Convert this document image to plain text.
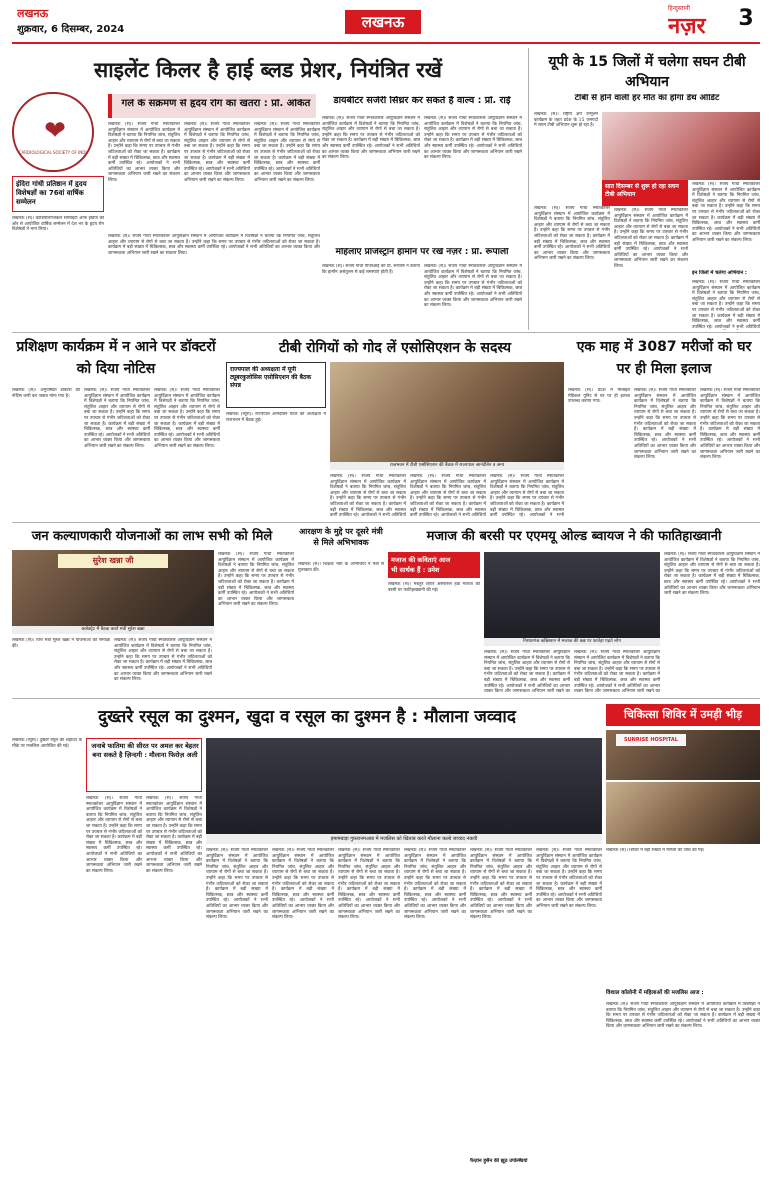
लखनऊ
शुक्रवार, 6 दिसम्बर, 2024	लखनऊ
हिन्दुस्तानी
नज़र	3
साइलेंट किलर है हाई ब्लड प्रेशर, नियंत्रित रखें
❤
CARDIOLOGICAL SOCIETY OF INDIA
इंदिरा गांधी प्रतिष्ठान में हृदय विशेषज्ञों का 76वां वार्षिक सम्मेलन
गले के संक्रमण से हृदय रोग का खतरा : प्रो. अंकित	डायबीटर सर्जरी सिंथ्रर कर सकते हैं वाल्व : प्रो. राई
लखनऊ (स)। कार्डियोलॉजिकल सोसाइटी ऑफ इंडिया की ओर से आयोजित वार्षिक सम्मेलन में देश भर के हृदय रोग विशेषज्ञों ने भाग लिया।
लखनऊ (स)। संजय गांधी स्नातकोत्तर आयुर्विज्ञान संस्थान में आयोजित कार्यक्रम में विशेषज्ञों ने बताया कि नियमित जांच, संतुलित आहार और व्यायाम से रोगों से बचा जा सकता है। उन्होंने कहा कि समय पर उपचार से गंभीर जटिलताओं को रोका जा सकता है। कार्यक्रम में बड़ी संख्या में चिकित्सक, छात्र और स्वास्थ्य कर्मी उपस्थित रहे। आयोजकों ने सभी अतिथियों का आभार व्यक्त किया और जागरूकता अभियान जारी रखने का संकल्प लिया।
लखनऊ (स)। संजय गांधी स्नातकोत्तर आयुर्विज्ञान संस्थान में आयोजित कार्यक्रम में विशेषज्ञों ने बताया कि नियमित जांच, संतुलित आहार और व्यायाम से रोगों से बचा जा सकता है। उन्होंने कहा कि समय पर उपचार से गंभीर जटिलताओं को रोका जा सकता है। कार्यक्रम में बड़ी संख्या में चिकित्सक, छात्र और स्वास्थ्य कर्मी उपस्थित रहे। आयोजकों ने सभी अतिथियों का आभार व्यक्त किया और जागरूकता अभियान जारी रखने का संकल्प लिया।
लखनऊ (स)। संजय गांधी स्नातकोत्तर आयुर्विज्ञान संस्थान में आयोजित कार्यक्रम में विशेषज्ञों ने बताया कि नियमित जांच, संतुलित आहार और व्यायाम से रोगों से बचा जा सकता है। उन्होंने कहा कि समय पर उपचार से गंभीर जटिलताओं को रोका जा सकता है। कार्यक्रम में बड़ी संख्या में चिकित्सक, छात्र और स्वास्थ्य कर्मी उपस्थित रहे। आयोजकों ने सभी अतिथियों का आभार व्यक्त किया और जागरूकता अभियान जारी रखने का संकल्प लिया।
लखनऊ (स)। संजय गांधी स्नातकोत्तर आयुर्विज्ञान संस्थान में आयोजित कार्यक्रम में विशेषज्ञों ने बताया कि नियमित जांच, संतुलित आहार और व्यायाम से रोगों से बचा जा सकता है। उन्होंने कहा कि समय पर उपचार से गंभीर जटिलताओं को रोका जा सकता है। कार्यक्रम में बड़ी संख्या में चिकित्सक, छात्र और स्वास्थ्य कर्मी उपस्थित रहे। आयोजकों ने सभी अतिथियों का आभार व्यक्त किया और जागरूकता अभियान जारी रखने का संकल्प लिया।
लखनऊ (स)। संजय गांधी स्नातकोत्तर आयुर्विज्ञान संस्थान में आयोजित कार्यक्रम में विशेषज्ञों ने बताया कि नियमित जांच, संतुलित आहार और व्यायाम से रोगों से बचा जा सकता है। उन्होंने कहा कि समय पर उपचार से गंभीर जटिलताओं को रोका जा सकता है। कार्यक्रम में बड़ी संख्या में चिकित्सक, छात्र और स्वास्थ्य कर्मी उपस्थित रहे। आयोजकों ने सभी अतिथियों का आभार व्यक्त किया और जागरूकता अभियान जारी रखने का संकल्प लिया।
लखनऊ (स)। संजय गांधी स्नातकोत्तर आयुर्विज्ञान संस्थान में आयोजित कार्यक्रम में विशेषज्ञों ने बताया कि नियमित जांच, संतुलित आहार और व्यायाम से रोगों से बचा जा सकता है। उन्होंने कहा कि समय पर उपचार से गंभीर जटिलताओं को रोका जा सकता है। कार्यक्रम में बड़ी संख्या में चिकित्सक, छात्र और स्वास्थ्य कर्मी उपस्थित रहे। आयोजकों ने सभी अतिथियों का आभार व्यक्त किया और जागरूकता अभियान जारी रखने का संकल्प लिया।	महिलाएं प्रोजेस्ट्रॉन हार्मोन पर रखें नज़र : प्रो. रूपाली
लखनऊ (स)। संजय गांधी पीजीआई की प्रो. रूपाली ने बताया कि हार्मोन असंतुलन से कई समस्याएं होती हैं।
लखनऊ (स)। संजय गांधी स्नातकोत्तर आयुर्विज्ञान संस्थान में आयोजित कार्यक्रम में विशेषज्ञों ने बताया कि नियमित जांच, संतुलित आहार और व्यायाम से रोगों से बचा जा सकता है। उन्होंने कहा कि समय पर उपचार से गंभीर जटिलताओं को रोका जा सकता है। कार्यक्रम में बड़ी संख्या में चिकित्सक, छात्र और स्वास्थ्य कर्मी उपस्थित रहे। आयोजकों ने सभी अतिथियों का आभार व्यक्त किया और जागरूकता अभियान जारी रखने का संकल्प लिया।
यूपी के 15 जिलों में चलेगा सघन टीबी अभियान
टीबी से होने वाली हर मौत का होगा डेथ ऑडिट
लखनऊ (स)। राष्ट्रीय क्षय उन्मूलन कार्यक्रम के तहत प्रदेश के 15 जनपदों में सघन टीबी अभियान शुरू हो रहा है।
सात दिसम्बर से शुरू हो रहा सघन टीबी अभियान
लखनऊ (स)। संजय गांधी स्नातकोत्तर आयुर्विज्ञान संस्थान में आयोजित कार्यक्रम में विशेषज्ञों ने बताया कि नियमित जांच, संतुलित आहार और व्यायाम से रोगों से बचा जा सकता है। उन्होंने कहा कि समय पर उपचार से गंभीर जटिलताओं को रोका जा सकता है। कार्यक्रम में बड़ी संख्या में चिकित्सक, छात्र और स्वास्थ्य कर्मी उपस्थित रहे। आयोजकों ने सभी अतिथियों का आभार व्यक्त किया और जागरूकता अभियान जारी रखने का संकल्प लिया।
लखनऊ (स)। संजय गांधी स्नातकोत्तर आयुर्विज्ञान संस्थान में आयोजित कार्यक्रम में विशेषज्ञों ने बताया कि नियमित जांच, संतुलित आहार और व्यायाम से रोगों से बचा जा सकता है। उन्होंने कहा कि समय पर उपचार से गंभीर जटिलताओं को रोका जा सकता है। कार्यक्रम में बड़ी संख्या में चिकित्सक, छात्र और स्वास्थ्य कर्मी उपस्थित रहे। आयोजकों ने सभी अतिथियों का आभार व्यक्त किया और जागरूकता अभियान जारी रखने का संकल्प लिया।
लखनऊ (स)। संजय गांधी स्नातकोत्तर आयुर्विज्ञान संस्थान में आयोजित कार्यक्रम में विशेषज्ञों ने बताया कि नियमित जांच, संतुलित आहार और व्यायाम से रोगों से बचा जा सकता है। उन्होंने कहा कि समय पर उपचार से गंभीर जटिलताओं को रोका जा सकता है। कार्यक्रम में बड़ी संख्या में चिकित्सक, छात्र और स्वास्थ्य कर्मी उपस्थित रहे। आयोजकों ने सभी अतिथियों का आभार व्यक्त किया और जागरूकता अभियान जारी रखने का संकल्प लिया।
इन जिलों में चलेगा अभियान :
लखनऊ (स)। संजय गांधी स्नातकोत्तर आयुर्विज्ञान संस्थान में आयोजित कार्यक्रम में विशेषज्ञों ने बताया कि नियमित जांच, संतुलित आहार और व्यायाम से रोगों से बचा जा सकता है। उन्होंने कहा कि समय पर उपचार से गंभीर जटिलताओं को रोका जा सकता है। कार्यक्रम में बड़ी संख्या में चिकित्सक, छात्र और स्वास्थ्य कर्मी उपस्थित रहे। आयोजकों ने सभी अतिथियों
प्रशिक्षण कार्यक्रम में न आने पर डॉक्टरों को दिया नोटिस
लखनऊ (स)। अनुपस्थित डॉक्टरों को नोटिस जारी कर जवाब मांगा गया है।
लखनऊ (स)। संजय गांधी स्नातकोत्तर आयुर्विज्ञान संस्थान में आयोजित कार्यक्रम में विशेषज्ञों ने बताया कि नियमित जांच, संतुलित आहार और व्यायाम से रोगों से बचा जा सकता है। उन्होंने कहा कि समय पर उपचार से गंभीर जटिलताओं को रोका जा सकता है। कार्यक्रम में बड़ी संख्या में चिकित्सक, छात्र और स्वास्थ्य कर्मी उपस्थित रहे। आयोजकों ने सभी अतिथियों का आभार व्यक्त किया और जागरूकता अभियान जारी रखने का संकल्प लिया।
लखनऊ (स)। संजय गांधी स्नातकोत्तर आयुर्विज्ञान संस्थान में आयोजित कार्यक्रम में विशेषज्ञों ने बताया कि नियमित जांच, संतुलित आहार और व्यायाम से रोगों से बचा जा सकता है। उन्होंने कहा कि समय पर उपचार से गंभीर जटिलताओं को रोका जा सकता है। कार्यक्रम में बड़ी संख्या में चिकित्सक, छात्र और स्वास्थ्य कर्मी उपस्थित रहे। आयोजकों ने सभी अतिथियों का आभार व्यक्त किया और जागरूकता अभियान जारी रखने का संकल्प लिया।
टीबी रोगियों को गोद लें एसोसिएशन के सदस्य
राज्यपाल की अध्यक्षता में यूपी ट्यूबरकुलोसिस एसोसिएशन की बैठक संपन्न
राजभवन में टीबी एसोसिएशन की बैठक में राज्यपाल आनंदीबेन व अन्य
लखनऊ (ब्यूरो)। राज्यपाल आनंदीबेन पटेल की अध्यक्षता में राजभवन में बैठक हुई।
लखनऊ (स)। संजय गांधी स्नातकोत्तर आयुर्विज्ञान संस्थान में आयोजित कार्यक्रम में विशेषज्ञों ने बताया कि नियमित जांच, संतुलित आहार और व्यायाम से रोगों से बचा जा सकता है। उन्होंने कहा कि समय पर उपचार से गंभीर जटिलताओं को रोका जा सकता है। कार्यक्रम में बड़ी संख्या में चिकित्सक, छात्र और स्वास्थ्य कर्मी उपस्थित रहे। आयोजकों ने सभी अतिथियों
लखनऊ (स)। संजय गांधी स्नातकोत्तर आयुर्विज्ञान संस्थान में आयोजित कार्यक्रम में विशेषज्ञों ने बताया कि नियमित जांच, संतुलित आहार और व्यायाम से रोगों से बचा जा सकता है। उन्होंने कहा कि समय पर उपचार से गंभीर जटिलताओं को रोका जा सकता है। कार्यक्रम में बड़ी संख्या में चिकित्सक, छात्र और स्वास्थ्य कर्मी उपस्थित रहे। आयोजकों ने सभी अतिथियों
लखनऊ (स)। संजय गांधी स्नातकोत्तर आयुर्विज्ञान संस्थान में आयोजित कार्यक्रम में विशेषज्ञों ने बताया कि नियमित जांच, संतुलित आहार और व्यायाम से रोगों से बचा जा सकता है। उन्होंने कहा कि समय पर उपचार से गंभीर जटिलताओं को रोका जा सकता है। कार्यक्रम में बड़ी संख्या में चिकित्सक, छात्र और स्वास्थ्य कर्मी उपस्थित रहे। आयोजकों ने सभी
एक माह में 3087 मरीजों को घर पर ही मिला इलाज
लखनऊ (स)। प्रदेश में मोबाइल मेडिकल यूनिट से घर पर ही इलाज उपलब्ध कराया गया।
लखनऊ (स)। संजय गांधी स्नातकोत्तर आयुर्विज्ञान संस्थान में आयोजित कार्यक्रम में विशेषज्ञों ने बताया कि नियमित जांच, संतुलित आहार और व्यायाम से रोगों से बचा जा सकता है। उन्होंने कहा कि समय पर उपचार से गंभीर जटिलताओं को रोका जा सकता है। कार्यक्रम में बड़ी संख्या में चिकित्सक, छात्र और स्वास्थ्य कर्मी उपस्थित रहे। आयोजकों ने सभी अतिथियों का आभार व्यक्त किया और जागरूकता अभियान जारी रखने का संकल्प लिया।
लखनऊ (स)। संजय गांधी स्नातकोत्तर आयुर्विज्ञान संस्थान में आयोजित कार्यक्रम में विशेषज्ञों ने बताया कि नियमित जांच, संतुलित आहार और व्यायाम से रोगों से बचा जा सकता है। उन्होंने कहा कि समय पर उपचार से गंभीर जटिलताओं को रोका जा सकता है। कार्यक्रम में बड़ी संख्या में चिकित्सक, छात्र और स्वास्थ्य कर्मी उपस्थित रहे। आयोजकों ने सभी अतिथियों का आभार व्यक्त किया और जागरूकता अभियान जारी रखने का संकल्प लिया।
जन कल्याणकारी योजनाओं का लाभ सभी को मिले
सुरेश खन्ना जी
कलेक्ट्रेट में बैठक करते मंत्री सुरेश खन्ना
लखनऊ (स)। वित्त मंत्री सुरेश खन्ना ने योजनाओं की समीक्षा की।
लखनऊ (स)। संजय गांधी स्नातकोत्तर आयुर्विज्ञान संस्थान में आयोजित कार्यक्रम में विशेषज्ञों ने बताया कि नियमित जांच, संतुलित आहार और व्यायाम से रोगों से बचा जा सकता है। उन्होंने कहा कि समय पर उपचार से गंभीर जटिलताओं को रोका जा सकता है। कार्यक्रम में बड़ी संख्या में चिकित्सक, छात्र और स्वास्थ्य कर्मी उपस्थित रहे। आयोजकों ने सभी अतिथियों का आभार व्यक्त किया और जागरूकता अभियान जारी रखने का संकल्प लिया।
लखनऊ (स)। संजय गांधी स्नातकोत्तर आयुर्विज्ञान संस्थान में आयोजित कार्यक्रम में विशेषज्ञों ने बताया कि नियमित जांच, संतुलित आहार और व्यायाम से रोगों से बचा जा सकता है। उन्होंने कहा कि समय पर उपचार से गंभीर जटिलताओं को रोका जा सकता है। कार्यक्रम में बड़ी संख्या में चिकित्सक, छात्र और स्वास्थ्य कर्मी उपस्थित रहे। आयोजकों ने सभी अतिथियों का आभार व्यक्त किया और जागरूकता अभियान जारी रखने का संकल्प लिया।
आरक्षण के मुद्दे पर दूसरे मंत्री से मिले अभिभावक
लखनऊ (स)। शिक्षक भर्ती के अभ्यर्थियों ने मंत्री से मुलाकात की।
मजाज की बरसी पर एएमयू ओल्ड ब्वायज ने की फातिहाख्वानी
मजाज की कविताएं आज
भी सार्थक हैं : उमेश
लखनऊ (स)। मशहूर शायर असरारुल हक मजाज की बरसी पर फातिहाख्वानी की गई।
निशातगंज कब्रिस्तान में मजाज की कब्र पर फातेहा पढ़ते लोग
लखनऊ (स)। संजय गांधी स्नातकोत्तर आयुर्विज्ञान संस्थान में आयोजित कार्यक्रम में विशेषज्ञों ने बताया कि नियमित जांच, संतुलित आहार और व्यायाम से रोगों से बचा जा सकता है। उन्होंने कहा कि समय पर उपचार से गंभीर जटिलताओं को रोका जा सकता है। कार्यक्रम में बड़ी संख्या में चिकित्सक, छात्र और स्वास्थ्य कर्मी उपस्थित रहे। आयोजकों ने सभी अतिथियों का आभार व्यक्त किया और जागरूकता अभियान जारी रखने का
लखनऊ (स)। संजय गांधी स्नातकोत्तर आयुर्विज्ञान संस्थान में आयोजित कार्यक्रम में विशेषज्ञों ने बताया कि नियमित जांच, संतुलित आहार और व्यायाम से रोगों से बचा जा सकता है। उन्होंने कहा कि समय पर उपचार से गंभीर जटिलताओं को रोका जा सकता है। कार्यक्रम में बड़ी संख्या में चिकित्सक, छात्र और स्वास्थ्य कर्मी उपस्थित रहे। आयोजकों ने सभी अतिथियों का आभार व्यक्त किया और जागरूकता अभियान जारी रखने का
लखनऊ (स)। संजय गांधी स्नातकोत्तर आयुर्विज्ञान संस्थान में आयोजित कार्यक्रम में विशेषज्ञों ने बताया कि नियमित जांच, संतुलित आहार और व्यायाम से रोगों से बचा जा सकता है। उन्होंने कहा कि समय पर उपचार से गंभीर जटिलताओं को रोका जा सकता है। कार्यक्रम में बड़ी संख्या में चिकित्सक, छात्र और स्वास्थ्य कर्मी उपस्थित रहे। आयोजकों ने सभी अतिथियों का आभार व्यक्त किया और जागरूकता अभियान जारी रखने का संकल्प लिया।
दुख्तरे रसूल का दुश्मन, खुदा व रसूल का दुश्मन है : मौलाना जव्वाद
लखनऊ (ब्यूरो)। दुख्तरे रसूल की शहादत के मौके पर मजलिस आयोजित की गई।	जनाबे फातिमा की सीरत पर अमल कर बेहतर बना सकते है ज़िन्दगी : मौलाना फिरोज़ अली
लखनऊ (स)। संजय गांधी स्नातकोत्तर आयुर्विज्ञान संस्थान में आयोजित कार्यक्रम में विशेषज्ञों ने बताया कि नियमित जांच, संतुलित आहार और व्यायाम से रोगों से बचा जा सकता है। उन्होंने कहा कि समय पर उपचार से गंभीर जटिलताओं को रोका जा सकता है। कार्यक्रम में बड़ी संख्या में चिकित्सक, छात्र और स्वास्थ्य कर्मी उपस्थित रहे। आयोजकों ने सभी अतिथियों का आभार व्यक्त किया और जागरूकता अभियान जारी रखने का संकल्प लिया।
लखनऊ (स)। संजय गांधी स्नातकोत्तर आयुर्विज्ञान संस्थान में आयोजित कार्यक्रम में विशेषज्ञों ने बताया कि नियमित जांच, संतुलित आहार और व्यायाम से रोगों से बचा जा सकता है। उन्होंने कहा कि समय पर उपचार से गंभीर जटिलताओं को रोका जा सकता है। कार्यक्रम में बड़ी संख्या में चिकित्सक, छात्र और स्वास्थ्य कर्मी उपस्थित रहे। आयोजकों ने सभी अतिथियों का आभार व्यक्त किया और जागरूकता अभियान जारी रखने का संकल्प लिया।
इमामबाड़ा गुफ़रानमआब में मजलिस को खिताब करते मौलाना कल्बे जव्वाद नकवी
लखनऊ (स)। संजय गांधी स्नातकोत्तर आयुर्विज्ञान संस्थान में आयोजित कार्यक्रम में विशेषज्ञों ने बताया कि नियमित जांच, संतुलित आहार और व्यायाम से रोगों से बचा जा सकता है। उन्होंने कहा कि समय पर उपचार से गंभीर जटिलताओं को रोका जा सकता है। कार्यक्रम में बड़ी संख्या में चिकित्सक, छात्र और स्वास्थ्य कर्मी उपस्थित रहे। आयोजकों ने सभी अतिथियों का आभार व्यक्त किया और जागरूकता अभियान जारी रखने का संकल्प लिया।
लखनऊ (स)। संजय गांधी स्नातकोत्तर आयुर्विज्ञान संस्थान में आयोजित कार्यक्रम में विशेषज्ञों ने बताया कि नियमित जांच, संतुलित आहार और व्यायाम से रोगों से बचा जा सकता है। उन्होंने कहा कि समय पर उपचार से गंभीर जटिलताओं को रोका जा सकता है। कार्यक्रम में बड़ी संख्या में चिकित्सक, छात्र और स्वास्थ्य कर्मी उपस्थित रहे। आयोजकों ने सभी अतिथियों का आभार व्यक्त किया और जागरूकता अभियान जारी रखने का संकल्प लिया।
लखनऊ (स)। संजय गांधी स्नातकोत्तर आयुर्विज्ञान संस्थान में आयोजित कार्यक्रम में विशेषज्ञों ने बताया कि नियमित जांच, संतुलित आहार और व्यायाम से रोगों से बचा जा सकता है। उन्होंने कहा कि समय पर उपचार से गंभीर जटिलताओं को रोका जा सकता है। कार्यक्रम में बड़ी संख्या में चिकित्सक, छात्र और स्वास्थ्य कर्मी उपस्थित रहे। आयोजकों ने सभी अतिथियों का आभार व्यक्त किया और जागरूकता अभियान जारी रखने का संकल्प लिया।
लखनऊ (स)। संजय गांधी स्नातकोत्तर आयुर्विज्ञान संस्थान में आयोजित कार्यक्रम में विशेषज्ञों ने बताया कि नियमित जांच, संतुलित आहार और व्यायाम से रोगों से बचा जा सकता है। उन्होंने कहा कि समय पर उपचार से गंभीर जटिलताओं को रोका जा सकता है। कार्यक्रम में बड़ी संख्या में चिकित्सक, छात्र और स्वास्थ्य कर्मी उपस्थित रहे। आयोजकों ने सभी अतिथियों का आभार व्यक्त किया और जागरूकता अभियान जारी रखने का संकल्प लिया।
लखनऊ (स)। संजय गांधी स्नातकोत्तर आयुर्विज्ञान संस्थान में आयोजित कार्यक्रम में विशेषज्ञों ने बताया कि नियमित जांच, संतुलित आहार और व्यायाम से रोगों से बचा जा सकता है। उन्होंने कहा कि समय पर उपचार से गंभीर जटिलताओं को रोका जा सकता है। कार्यक्रम में बड़ी संख्या में चिकित्सक, छात्र और स्वास्थ्य कर्मी उपस्थित रहे। आयोजकों ने सभी अतिथियों का आभार व्यक्त किया और जागरूकता अभियान जारी रखने का संकल्प लिया।
लखनऊ (स)। संजय गांधी स्नातकोत्तर आयुर्विज्ञान संस्थान में आयोजित कार्यक्रम में विशेषज्ञों ने बताया कि नियमित जांच, संतुलित आहार और व्यायाम से रोगों से बचा जा सकता है। उन्होंने कहा कि समय पर उपचार से गंभीर जटिलताओं को रोका जा सकता है। कार्यक्रम में बड़ी संख्या में चिकित्सक, छात्र और स्वास्थ्य कर्मी उपस्थित रहे। आयोजकों ने सभी अतिथियों का आभार व्यक्त किया और जागरूकता अभियान जारी रखने का संकल्प लिया।
फैज़ान हुसैन की झूठ उपल्ब्धियां
चिकित्सा शिविर में उमड़ी भीड़
SUNRISE HOSPITAL
लखनऊ (स)। शिविर में बड़ी संख्या में मरीजों की जांच की गई।
विशाल कॉलोनी में महिलाओं की मजलिस आज :
लखनऊ (स)। संजय गांधी स्नातकोत्तर आयुर्विज्ञान संस्थान में आयोजित कार्यक्रम में विशेषज्ञों ने बताया कि नियमित जांच, संतुलित आहार और व्यायाम से रोगों से बचा जा सकता है। उन्होंने कहा कि समय पर उपचार से गंभीर जटिलताओं को रोका जा सकता है। कार्यक्रम में बड़ी संख्या में चिकित्सक, छात्र और स्वास्थ्य कर्मी उपस्थित रहे। आयोजकों ने सभी अतिथियों का आभार व्यक्त किया और जागरूकता अभियान जारी रखने का संकल्प लिया।
